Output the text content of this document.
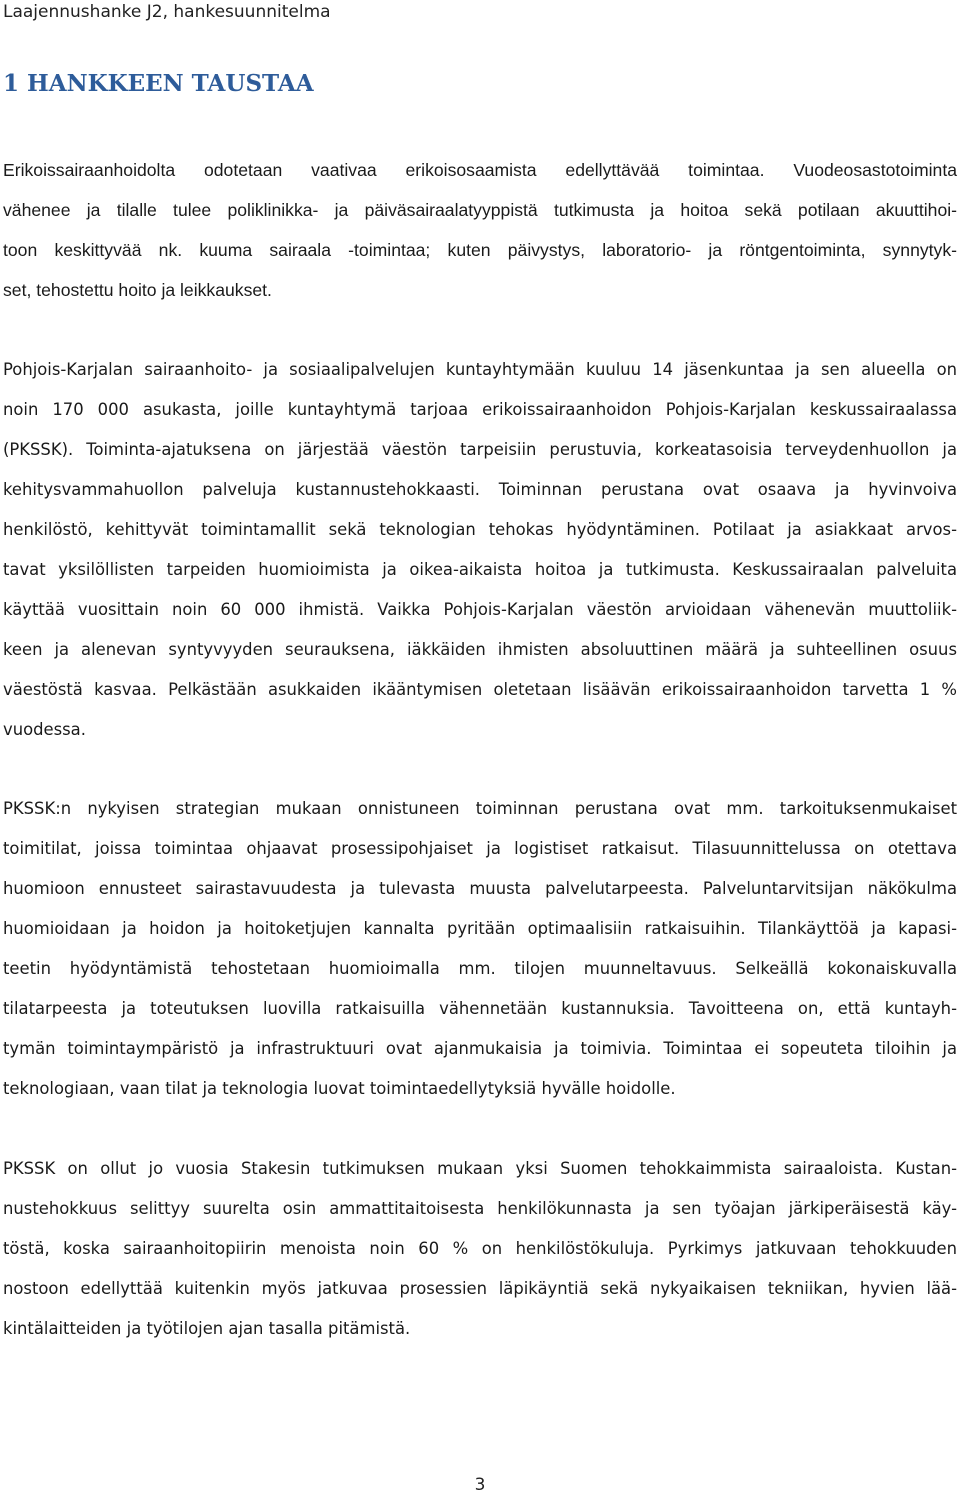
Laajennushanke J2, hankesuunnitelma
1 HANKKEEN TAUSTAA
Erikoissairaanhoidolta odotetaan vaativaa erikoisosaamista edellyttävää toimintaa. Vuodeosastotoiminta
vähenee ja tilalle tulee poliklinikka- ja päiväsairaalatyyppistä tutkimusta ja hoitoa sekä potilaan akuuttihoi-
toon keskittyvää nk. kuuma sairaala -toimintaa; kuten päivystys, laboratorio- ja röntgentoiminta, synnytyk-
set, tehostettu hoito ja leikkaukset.
Pohjois-Karjalan sairaanhoito- ja sosiaalipalvelujen kuntayhtymään kuuluu 14 jäsenkuntaa ja sen alueella on
noin 170 000 asukasta, joille kuntayhtymä tarjoaa erikoissairaanhoidon Pohjois-Karjalan keskussairaalassa
(PKSSK). Toiminta-ajatuksena on järjestää väestön tarpeisiin perustuvia, korkeatasoisia terveydenhuollon ja
kehitysvammahuollon palveluja kustannustehokkaasti. Toiminnan perustana ovat osaava ja hyvinvoiva
henkilöstö, kehittyvät toimintamallit sekä teknologian tehokas hyödyntäminen. Potilaat ja asiakkaat arvos-
tavat yksilöllisten tarpeiden huomioimista ja oikea-aikaista hoitoa ja tutkimusta. Keskussairaalan palveluita
käyttää vuosittain noin 60 000 ihmistä. Vaikka Pohjois-Karjalan väestön arvioidaan vähenevän muuttoliik-
keen ja alenevan syntyvyyden seurauksena, iäkkäiden ihmisten absoluuttinen määrä ja suhteellinen osuus
väestöstä kasvaa. Pelkästään asukkaiden ikääntymisen oletetaan lisäävän erikoissairaanhoidon tarvetta 1 %
vuodessa.
PKSSK:n nykyisen strategian mukaan onnistuneen toiminnan perustana ovat mm. tarkoituksenmukaiset
toimitilat, joissa toimintaa ohjaavat prosessipohjaiset ja logistiset ratkaisut. Tilasuunnittelussa on otettava
huomioon ennusteet sairastavuudesta ja tulevasta muusta palvelutarpeesta. Palveluntarvitsijan näkökulma
huomioidaan ja hoidon ja hoitoketjujen kannalta pyritään optimaalisiin ratkaisuihin. Tilankäyttöä ja kapasi-
teetin hyödyntämistä tehostetaan huomioimalla mm. tilojen muunneltavuus. Selkeällä kokonaiskuvalla
tilatarpeesta ja toteutuksen luovilla ratkaisuilla vähennetään kustannuksia. Tavoitteena on, että kuntayh-
tymän toimintaympäristö ja infrastruktuuri ovat ajanmukaisia ja toimivia. Toimintaa ei sopeuteta tiloihin ja
teknologiaan, vaan tilat ja teknologia luovat toimintaedellytyksiä hyvälle hoidolle.
PKSSK on ollut jo vuosia Stakesin tutkimuksen mukaan yksi Suomen tehokkaimmista sairaaloista. Kustan-
nustehokkuus selittyy suurelta osin ammattitaitoisesta henkilökunnasta ja sen työajan järkiperäisestä käy-
töstä, koska sairaanhoitopiirin menoista noin 60 % on henkilöstökuluja. Pyrkimys jatkuvaan tehokkuuden
nostoon edellyttää kuitenkin myös jatkuvaa prosessien läpikäyntiä sekä nykyaikaisen tekniikan, hyvien lää-
kintälaitteiden ja työtilojen ajan tasalla pitämistä.
3
